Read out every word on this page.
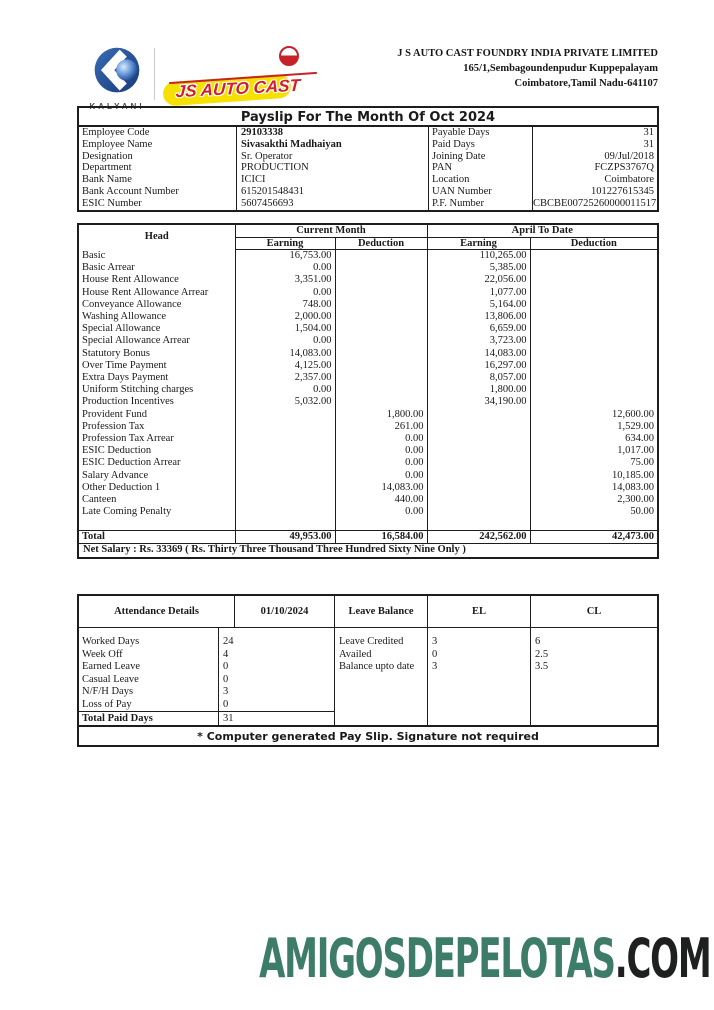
KALYANI
JS AUTO CAST
J S AUTO CAST FOUNDRY INDIA PRIVATE LIMITED
165/1,Sembagoundenpudur Kuppepalayam
Coimbatore,Tamil Nadu-641107
Payslip For The Month Of Oct 2024
Employee Code	29103338	Payable Days	31
Employee Name	Sivasakthi Madhaiyan	Paid Days	31
Designation	Sr. Operator	Joining Date	09/Jul/2018
Department	PRODUCTION	PAN	FCZPS3767Q
Bank Name	ICICI	Location	Coimbatore
Bank Account Number	615201548431	UAN Number	101227615345
ESIC Number	5607456693	P.F. Number	CBCBE00725260000011517
Head	Current Month		April To Date	
	Earning	Deduction	Earning	Deduction
Basic	16,753.00		110,265.00	
Basic Arrear	0.00		5,385.00	
House Rent Allowance	3,351.00		22,056.00	
House Rent Allowance Arrear	0.00		1,077.00	
Conveyance Allowance	748.00		5,164.00	
Washing Allowance	2,000.00		13,806.00	
Special Allowance	1,504.00		6,659.00	
Special Allowance Arrear	0.00		3,723.00	
Statutory Bonus	14,083.00		14,083.00	
Over Time Payment	4,125.00		16,297.00	
Extra Days Payment	2,357.00		8,057.00	
Uniform Stitching charges	0.00		1,800.00	
Production Incentives	5,032.00		34,190.00	
Provident Fund		1,800.00		12,600.00
Profession Tax		261.00		1,529.00
Profession Tax Arrear		0.00		634.00
ESIC Deduction		0.00		1,017.00
ESIC Deduction Arrear		0.00		75.00
Salary Advance		0.00		10,185.00
Other Deduction 1		14,083.00		14,083.00
Canteen		440.00		2,300.00
Late Coming Penalty		0.00		50.00

Total	49,953.00	16,584.00	242,562.00	42,473.00
Net Salary : Rs. 33369 ( Rs. Thirty Three Thousand Three Hundred Sixty Nine Only )				
Attendance Details	01/10/2024	Leave Balance	EL	CL
Worked Days	24	Leave Credited	3	6
Week Off	4	Availed	0	2.5
Earned Leave	0	Balance upto date	3	3.5
Casual Leave	0
N/F/H Days	3
Loss of Pay	0
Total Paid Days	31
* Computer generated Pay Slip. Signature not required
AMIGOSDEPELOTAS.COM
